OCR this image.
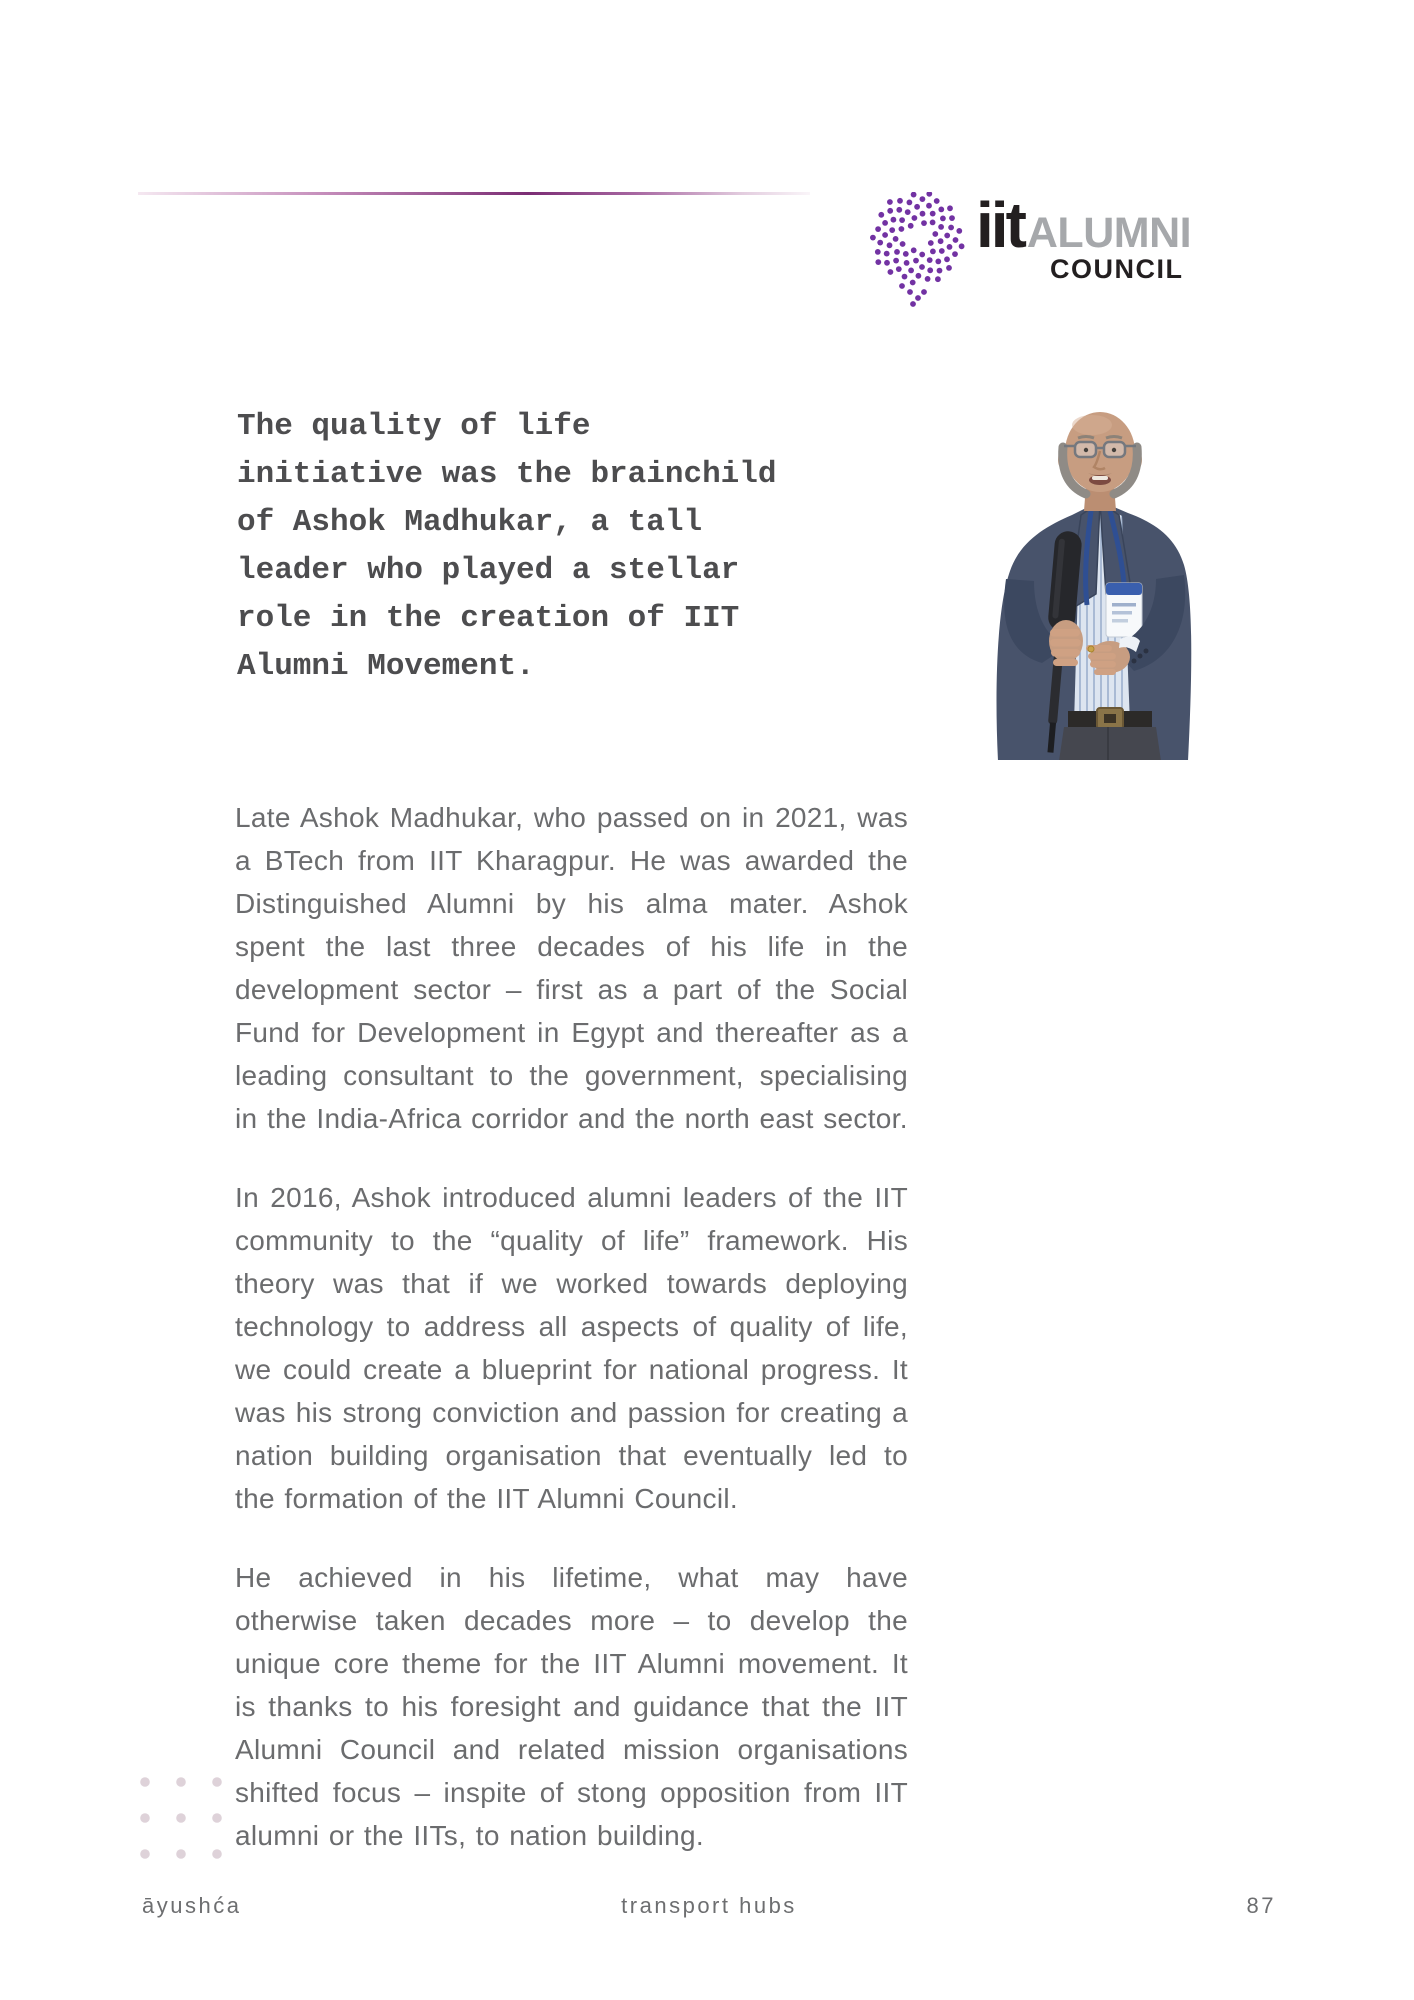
iit ALUMNI
COUNCIL
The quality of life
initiative was the brainchild
of Ashok Madhukar, a tall
leader who played a stellar
role in the creation of IIT
Alumni Movement.

Late Ashok Madhukar, who passed on in 2021, was a BTech from IIT Kharagpur. He was awarded the Distinguished Alumni by his alma mater. Ashok spent the last three decades of his life in the development sector – first as a part of the Social Fund for Development in Egypt and thereafter as a leading consultant to the government, specialising in the India-Africa corridor and the north east sector.

In 2016, Ashok introduced alumni leaders of the IIT community to the “quality of life” framework. His theory was that if we worked towards deploying technology to address all aspects of quality of life, we could create a blueprint for national progress. It was his strong conviction and passion for creating a nation building organisation that eventually led to the formation of the IIT Alumni Council.

He achieved in his lifetime, what may have otherwise taken decades more – to develop the unique core theme for the IIT Alumni movement. It is thanks to his foresight and guidance that the IIT Alumni Council and related mission organisations shifted focus – inspite of stong opposition from IIT alumni or the IITs, to nation building.

āyushća	transport hubs	87
